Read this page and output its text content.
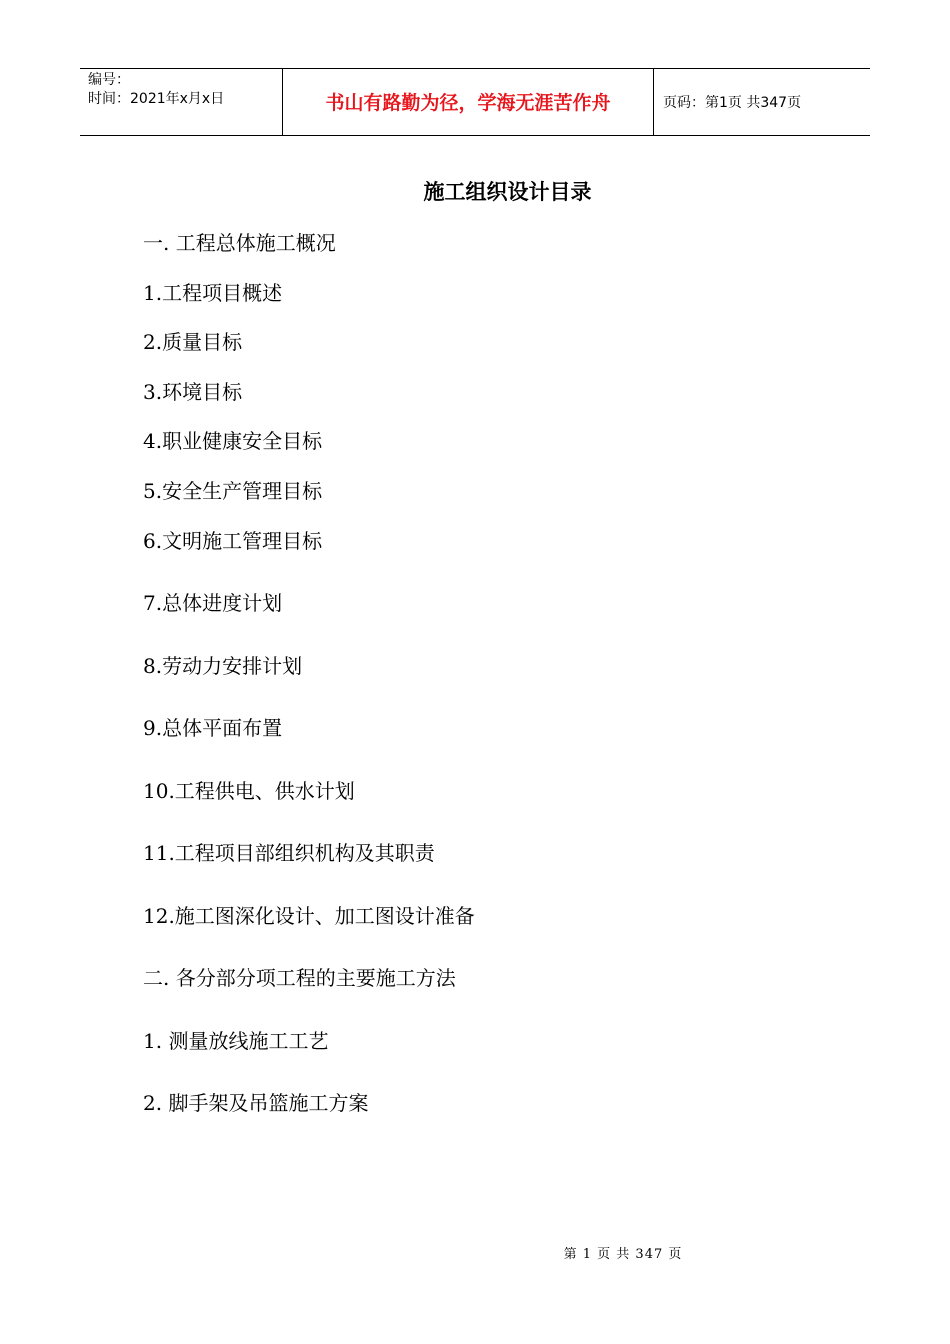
编号：
时间：2021年x月x日	书山有路勤为径，学海无涯苦作舟	页码：第1页 共347页
施工组织设计目录
一. 工程总体施工概况
1.工程项目概述
2.质量目标
3.环境目标
4.职业健康安全目标
5.安全生产管理目标
6.文明施工管理目标
7.总体进度计划
8.劳动力安排计划
9.总体平面布置
10.工程供电、供水计划
11.工程项目部组织机构及其职责
12.施工图深化设计、加工图设计准备
二. 各分部分项工程的主要施工方法
1. 测量放线施工工艺
2. 脚手架及吊篮施工方案
第 1 页 共 347 页
